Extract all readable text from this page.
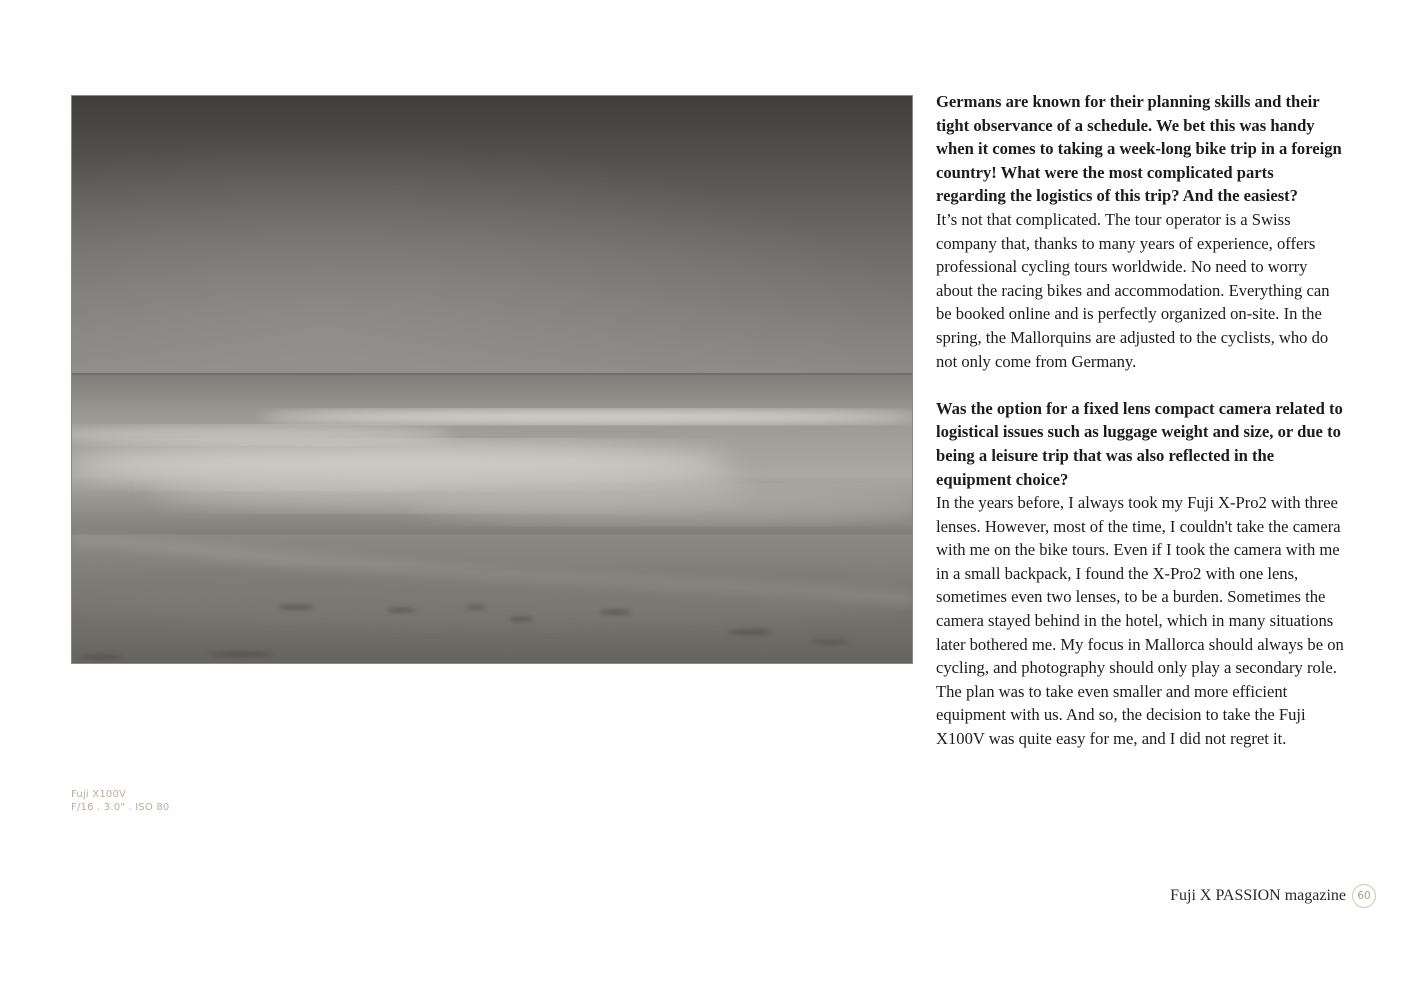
Fuji X100V
F/16 . 3.0" . ISO 80

Germans are known for their planning skills and their tight observance of a schedule. We bet this was handy when it comes to taking a week-long bike trip in a foreign country! What were the most complicated parts regarding the logistics of this trip? And the easiest?

It’s not that complicated. The tour operator is a Swiss company that, thanks to many years of experience, offers professional cycling tours worldwide. No need to worry about the racing bikes and accommodation. Everything can be booked online and is perfectly organized on-site. In the spring, the Mallorquins are adjusted to the cyclists, who do not only come from Germany.

Was the option for a fixed lens compact camera related to logistical issues such as luggage weight and size, or due to being a leisure trip that was also reflected in the equipment choice?

In the years before, I always took my Fuji X-Pro2 with three lenses. However, most of the time, I couldn't take the camera with me on the bike tours. Even if I took the camera with me in a small backpack, I found the X-Pro2 with one lens, sometimes even two lenses, to be a burden. Sometimes the camera stayed behind in the hotel, which in many situations later bothered me. My focus in Mallorca should always be on cycling, and photography should only play a secondary role. The plan was to take even smaller and more efficient equipment with us. And so, the decision to take the Fuji X100V was quite easy for me, and I did not regret it.

Fuji X PASSION magazine	60
